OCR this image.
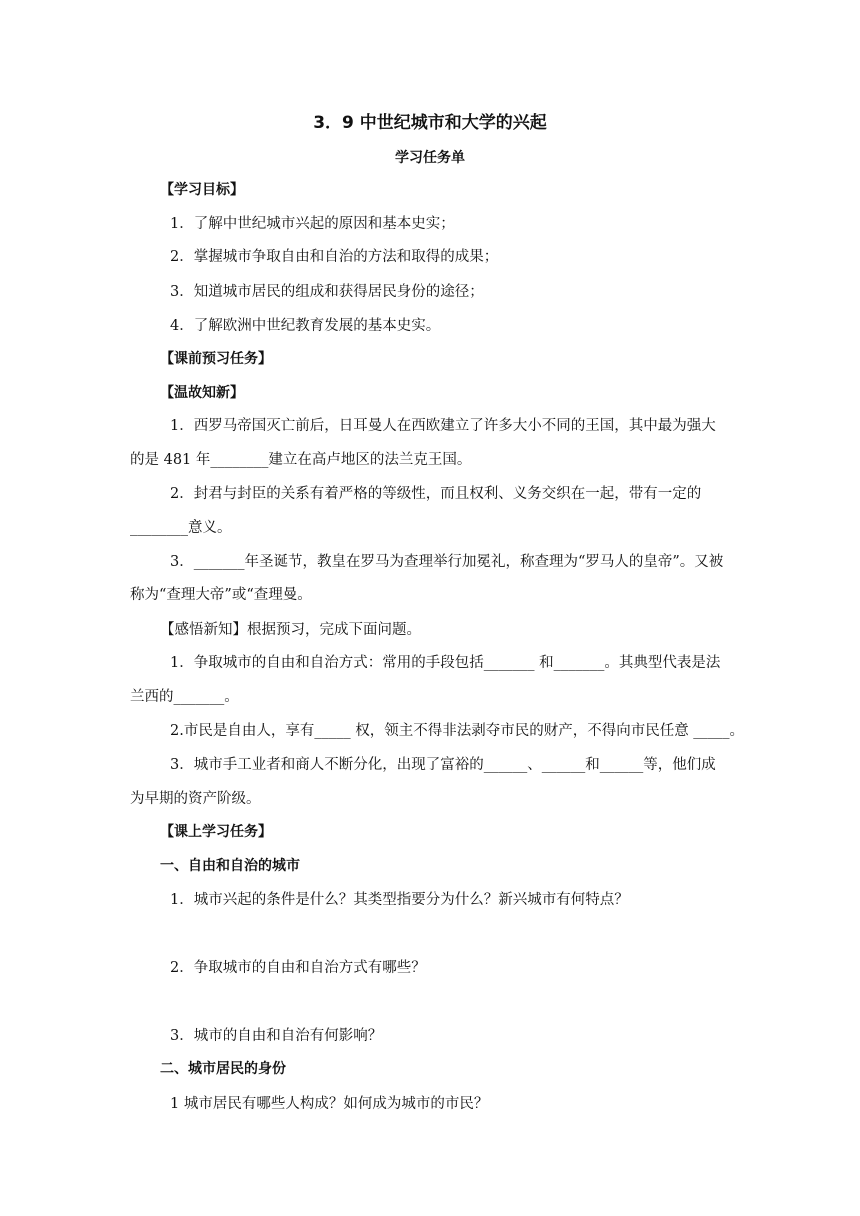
3．9 中世纪城市和大学的兴起
学习任务单
【学习目标】
1．了解中世纪城市兴起的原因和基本史实；
2．掌握城市争取自由和自治的方法和取得的成果；
3．知道城市居民的组成和获得居民身份的途径；
4．了解欧洲中世纪教育发展的基本史实。
【课前预习任务】
【温故知新】
1．西罗马帝国灭亡前后，日耳曼人在西欧建立了许多大小不同的王国，其中最为强大
的是 481 年________建立在高卢地区的法兰克王国。
2．封君与封臣的关系有着严格的等级性，而且权利、义务交织在一起，带有一定的
________意义。
3．_______年圣诞节，教皇在罗马为查理举行加冕礼，称查理为“罗马人的皇帝”。又被
称为“查理大帝”或“查理曼。
【感悟新知】根据预习，完成下面问题。
1．争取城市的自由和自治方式：常用的手段包括_______ 和_______。其典型代表是法
兰西的_______。
2.市民是自由人，享有_____ 权，领主不得非法剥夺市民的财产，不得向市民任意 _____。
3．城市手工业者和商人不断分化，出现了富裕的______、______和______等，他们成
为早期的资产阶级。
【课上学习任务】
一、自由和自治的城市
1．城市兴起的条件是什么？其类型指要分为什么？新兴城市有何特点？
2．争取城市的自由和自治方式有哪些？
3．城市的自由和自治有何影响？
二、城市居民的身份
1 城市居民有哪些人构成？如何成为城市的市民？
